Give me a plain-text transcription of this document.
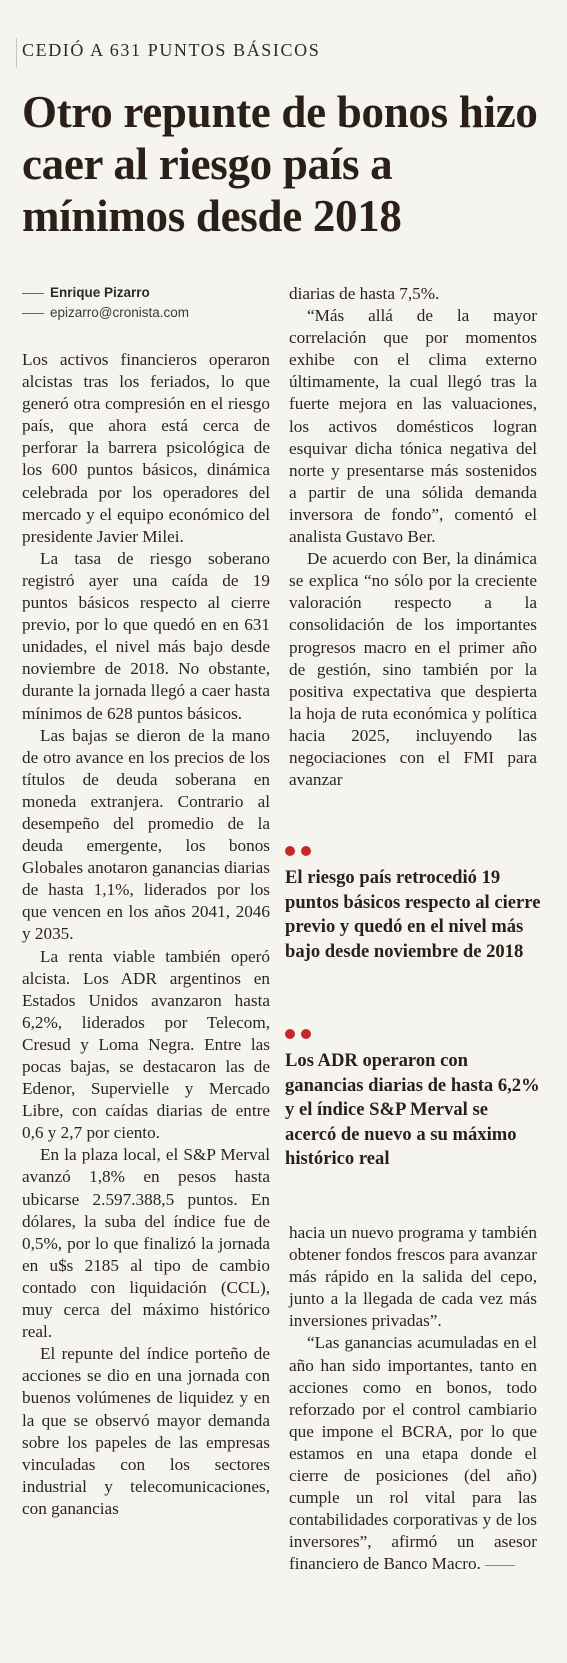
CEDIÓ A 631 PUNTOS BÁSICOS
Otro repunte de bonos hizo caer al riesgo país a mínimos desde 2018
Enrique Pizarro
epizarro@cronista.com

Los activos financieros operaron alcistas tras los feriados, lo que generó otra compresión en el riesgo país, que ahora está cerca de perforar la barrera psicológica de los 600 puntos básicos, dinámica celebrada por los operadores del mercado y el equipo económico del presidente Javier Milei.

La tasa de riesgo soberano registró ayer una caída de 19 puntos básicos respecto al cierre previo, por lo que quedó en en 631 unidades, el nivel más bajo desde noviembre de 2018. No obstante, durante la jornada llegó a caer hasta mínimos de 628 puntos básicos.

Las bajas se dieron de la mano de otro avance en los precios de los títulos de deuda soberana en moneda extranjera. Contrario al desempeño del promedio de la deuda emergente, los bonos Globales anotaron ganancias diarias de hasta 1,1%, liderados por los que vencen en los años 2041, 2046 y 2035.

La renta viable también operó alcista. Los ADR argentinos en Estados Unidos avanzaron hasta 6,2%, liderados por Telecom, Cresud y Loma Negra. Entre las pocas bajas, se destacaron las de Edenor, Supervielle y Mercado Libre, con caídas diarias de entre 0,6 y 2,7 por ciento.

En la plaza local, el S&P Merval avanzó 1,8% en pesos hasta ubicarse 2.597.388,5 puntos. En dólares, la suba del índice fue de 0,5%, por lo que finalizó la jornada en u$s 2185 al tipo de cambio contado con liquidación (CCL), muy cerca del máximo histórico real.

El repunte del índice porteño de acciones se dio en una jornada con buenos volúmenes de liquidez y en la que se observó mayor demanda sobre los papeles de las empresas vinculadas con los sectores industrial y telecomunicaciones, con ganancias

diarias de hasta 7,5%.

“Más allá de la mayor correlación que por momentos exhibe con el clima externo últimamente, la cual llegó tras la fuerte mejora en las valuaciones, los activos domésticos logran esquivar dicha tónica negativa del norte y presentarse más sostenidos a partir de una sólida demanda inversora de fondo”, comentó el analista Gustavo Ber.

De acuerdo con Ber, la dinámica se explica “no sólo por la creciente valoración respecto a la consolidación de los importantes progresos macro en el primer año de gestión, sino también por la positiva expectativa que despierta la hoja de ruta económica y política hacia 2025, incluyendo las negociaciones con el FMI para avanzar

El riesgo país retrocedió 19 puntos básicos respecto al cierre previo y quedó en el nivel más bajo desde noviembre de 2018

Los ADR operaron con ganancias diarias de hasta 6,2% y el índice S&P Merval se acercó de nuevo a su máximo histórico real

hacia un nuevo programa y también obtener fondos frescos para avanzar más rápido en la salida del cepo, junto a la llegada de cada vez más inversiones privadas”.

“Las ganancias acumuladas en el año han sido importantes, tanto en acciones como en bonos, todo reforzado por el control cambiario que impone el BCRA, por lo que estamos en una etapa donde el cierre de posiciones (del año) cumple un rol vital para las contabilidades corporativas y de los inversores”, afirmó un asesor financiero de Banco Macro.
